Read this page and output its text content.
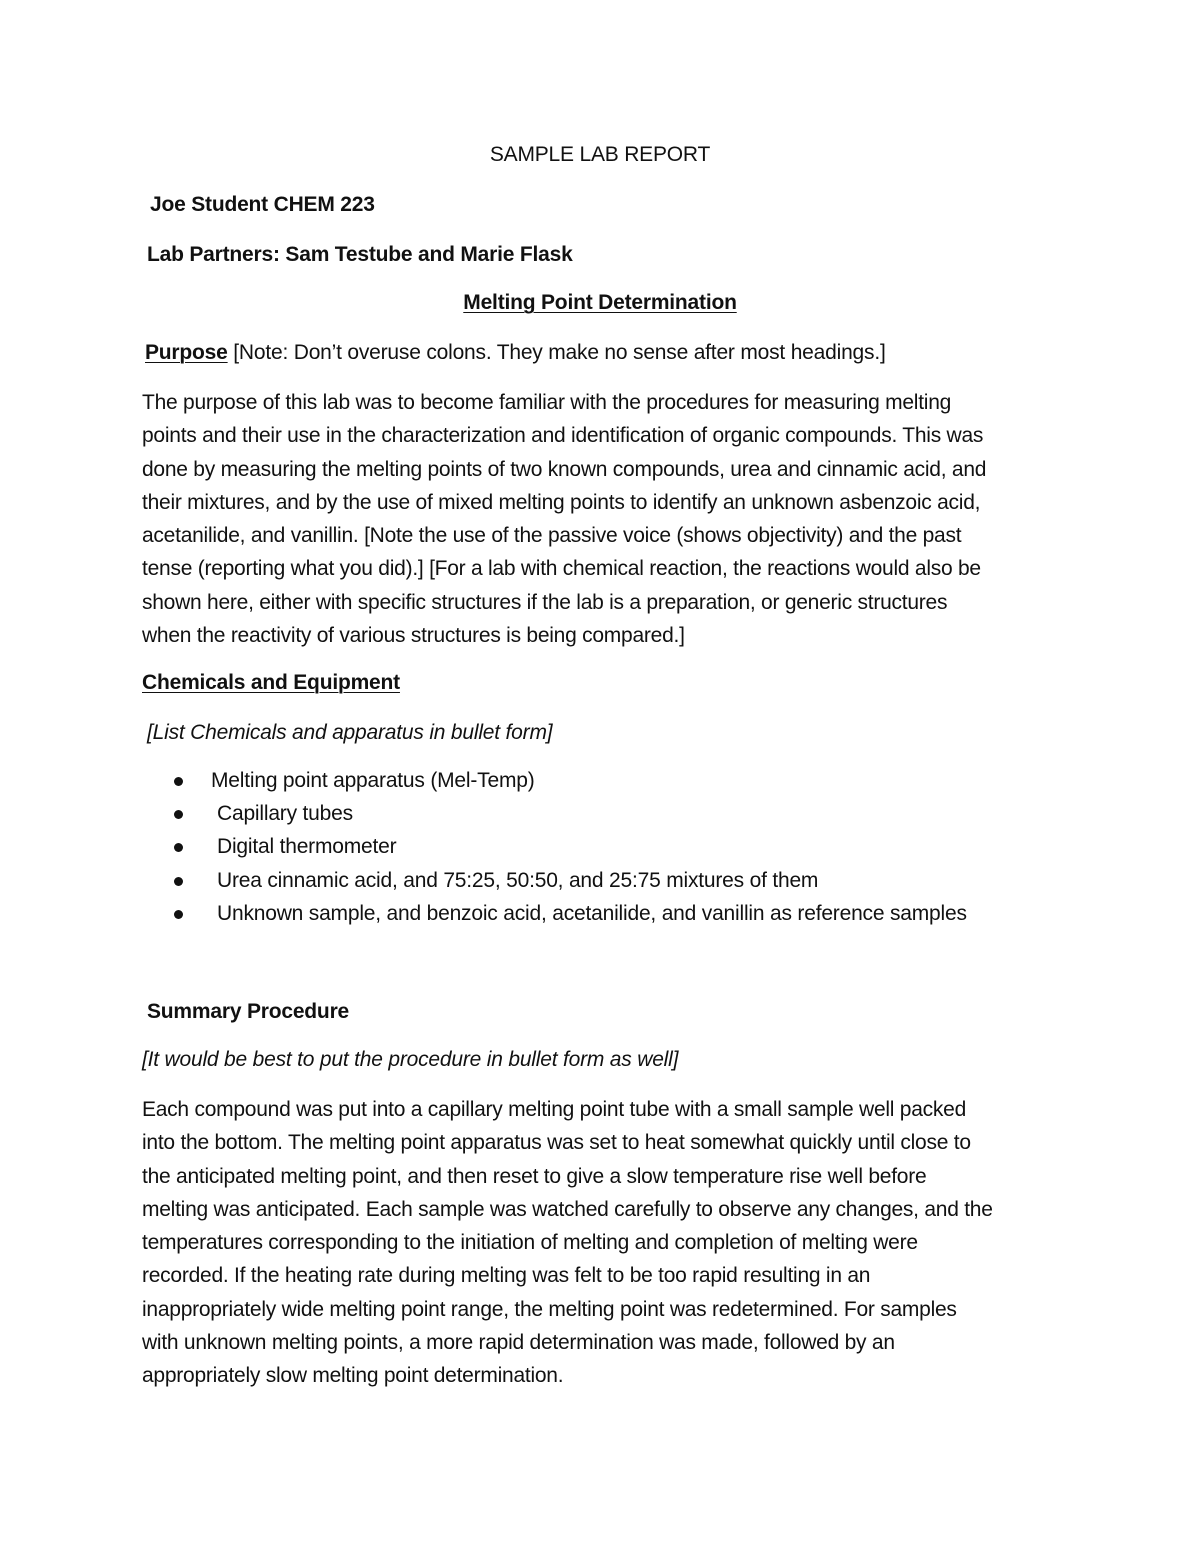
SAMPLE LAB REPORT

Joe Student CHEM 223

Lab Partners: Sam Testube and Marie Flask

Melting Point Determination

Purpose [Note: Don’t overuse colons. They make no sense after most headings.]

The purpose of this lab was to become familiar with the procedures for measuring melting
points and their use in the characterization and identification of organic compounds. This was
done by measuring the melting points of two known compounds, urea and cinnamic acid, and
their mixtures, and by the use of mixed melting points to identify an unknown asbenzoic acid,
acetanilide, and vanillin. [Note the use of the passive voice (shows objectivity) and the past
tense (reporting what you did).] [For a lab with chemical reaction, the reactions would also be
shown here, either with specific structures if the lab is a preparation, or generic structures
when the reactivity of various structures is being compared.]

Chemicals and Equipment

[List Chemicals and apparatus in bullet form]

Melting point apparatus (Mel-Temp)
Capillary tubes
Digital thermometer
Urea cinnamic acid, and 75:25, 50:50, and 25:75 mixtures of them
Unknown sample, and benzoic acid, acetanilide, and vanillin as reference samples

Summary Procedure

[It would be best to put the procedure in bullet form as well]

Each compound was put into a capillary melting point tube with a small sample well packed
into the bottom. The melting point apparatus was set to heat somewhat quickly until close to
the anticipated melting point, and then reset to give a slow temperature rise well before
melting was anticipated. Each sample was watched carefully to observe any changes, and the
temperatures corresponding to the initiation of melting and completion of melting were
recorded. If the heating rate during melting was felt to be too rapid resulting in an
inappropriately wide melting point range, the melting point was redetermined. For samples
with unknown melting points, a more rapid determination was made, followed by an
appropriately slow melting point determination.
